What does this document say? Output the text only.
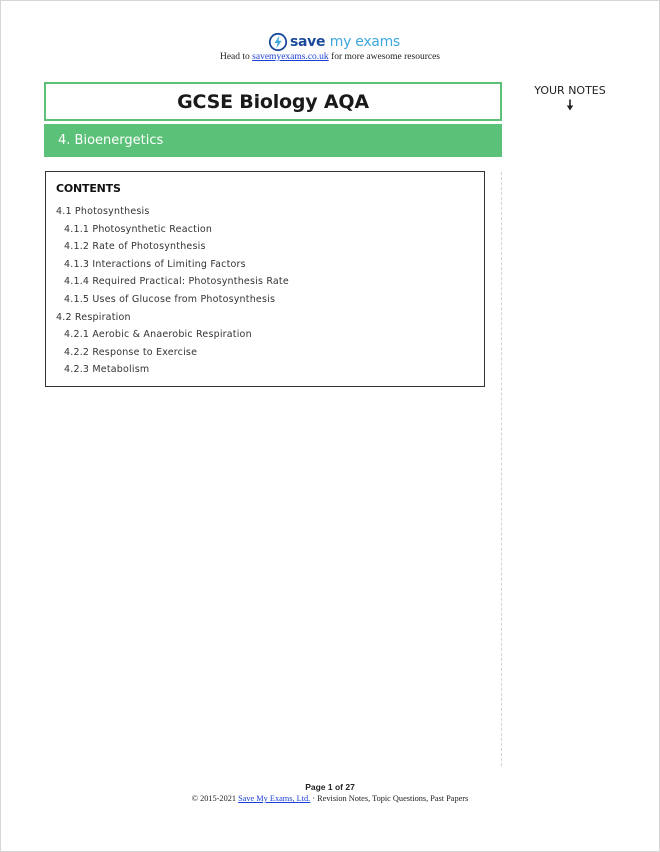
save my exams
Head to savemyexams.co.uk for more awesome resources
GCSE Biology AQA
4. Bioenergetics
YOUR NOTES
CONTENTS
4.1 Photosynthesis
4.1.1 Photosynthetic Reaction
4.1.2 Rate of Photosynthesis
4.1.3 Interactions of Limiting Factors
4.1.4 Required Practical: Photosynthesis Rate
4.1.5 Uses of Glucose from Photosynthesis
4.2 Respiration
4.2.1 Aerobic & Anaerobic Respiration
4.2.2 Response to Exercise
4.2.3 Metabolism
Page 1 of 27
© 2015-2021 Save My Exams, Ltd. · Revision Notes, Topic Questions, Past Papers
